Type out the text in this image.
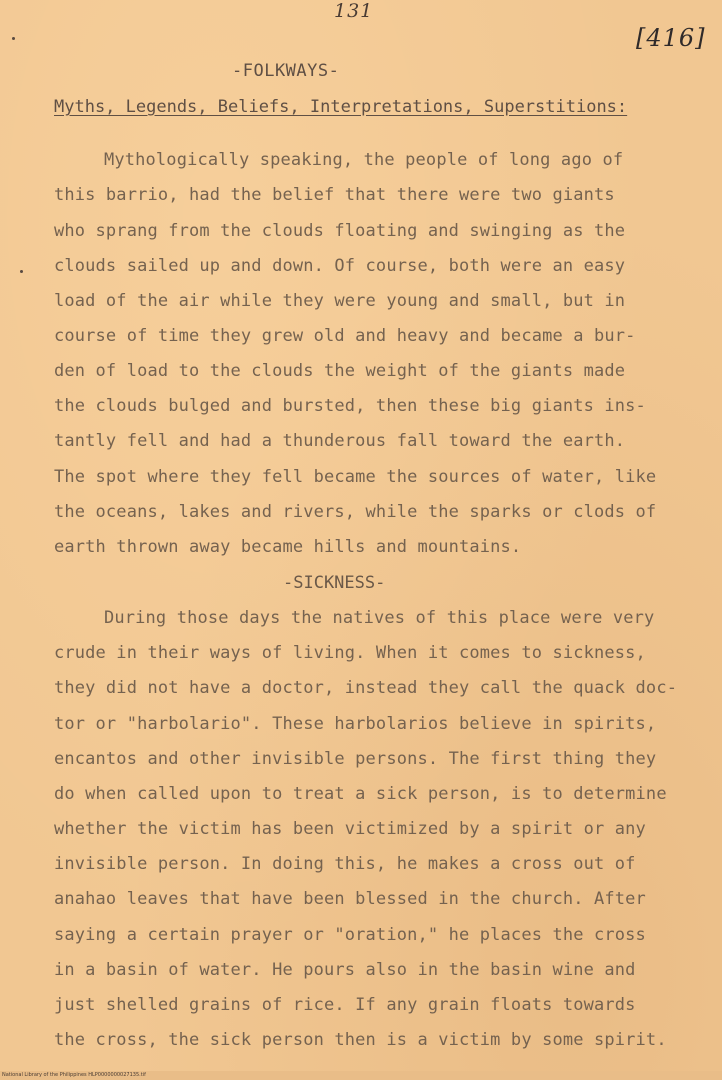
131
[416]
-FOLKWAYS-
Myths, Legends, Beliefs, Interpretations, Superstitions:
Mythologically speaking, the people of long ago of
this barrio, had the belief that there were two giants
who sprang from the clouds floating and swinging as the
clouds sailed up and down. Of course, both were an easy
load of the air while they were young and small, but in
course of time they grew old and heavy and became a bur-
den of load to the clouds the weight of the giants made
the clouds bulged and bursted, then these big giants ins-
tantly fell and had a thunderous fall toward the earth.
The spot where they fell became the sources of water, like
the oceans, lakes and rivers, while the sparks or clods of
earth thrown away became hills and mountains.
-SICKNESS-
During those days the natives of this place were very
crude in their ways of living. When it comes to sickness,
they did not have a doctor, instead they call the quack doc-
tor or "harbolario". These harbolarios believe in spirits,
encantos and other invisible persons. The first thing they
do when called upon to treat a sick person, is to determine
whether the victim has been victimized by a spirit or any
invisible person. In doing this, he makes a cross out of
anahao leaves that have been blessed in the church. After
saying a certain prayer or "oration," he places the cross
in a basin of water. He pours also in the basin wine and
just shelled grains of rice. If any grain floats towards
the cross, the sick person then is a victim by some spirit.
National Library of the Philippines HLP0000000027135.tif
